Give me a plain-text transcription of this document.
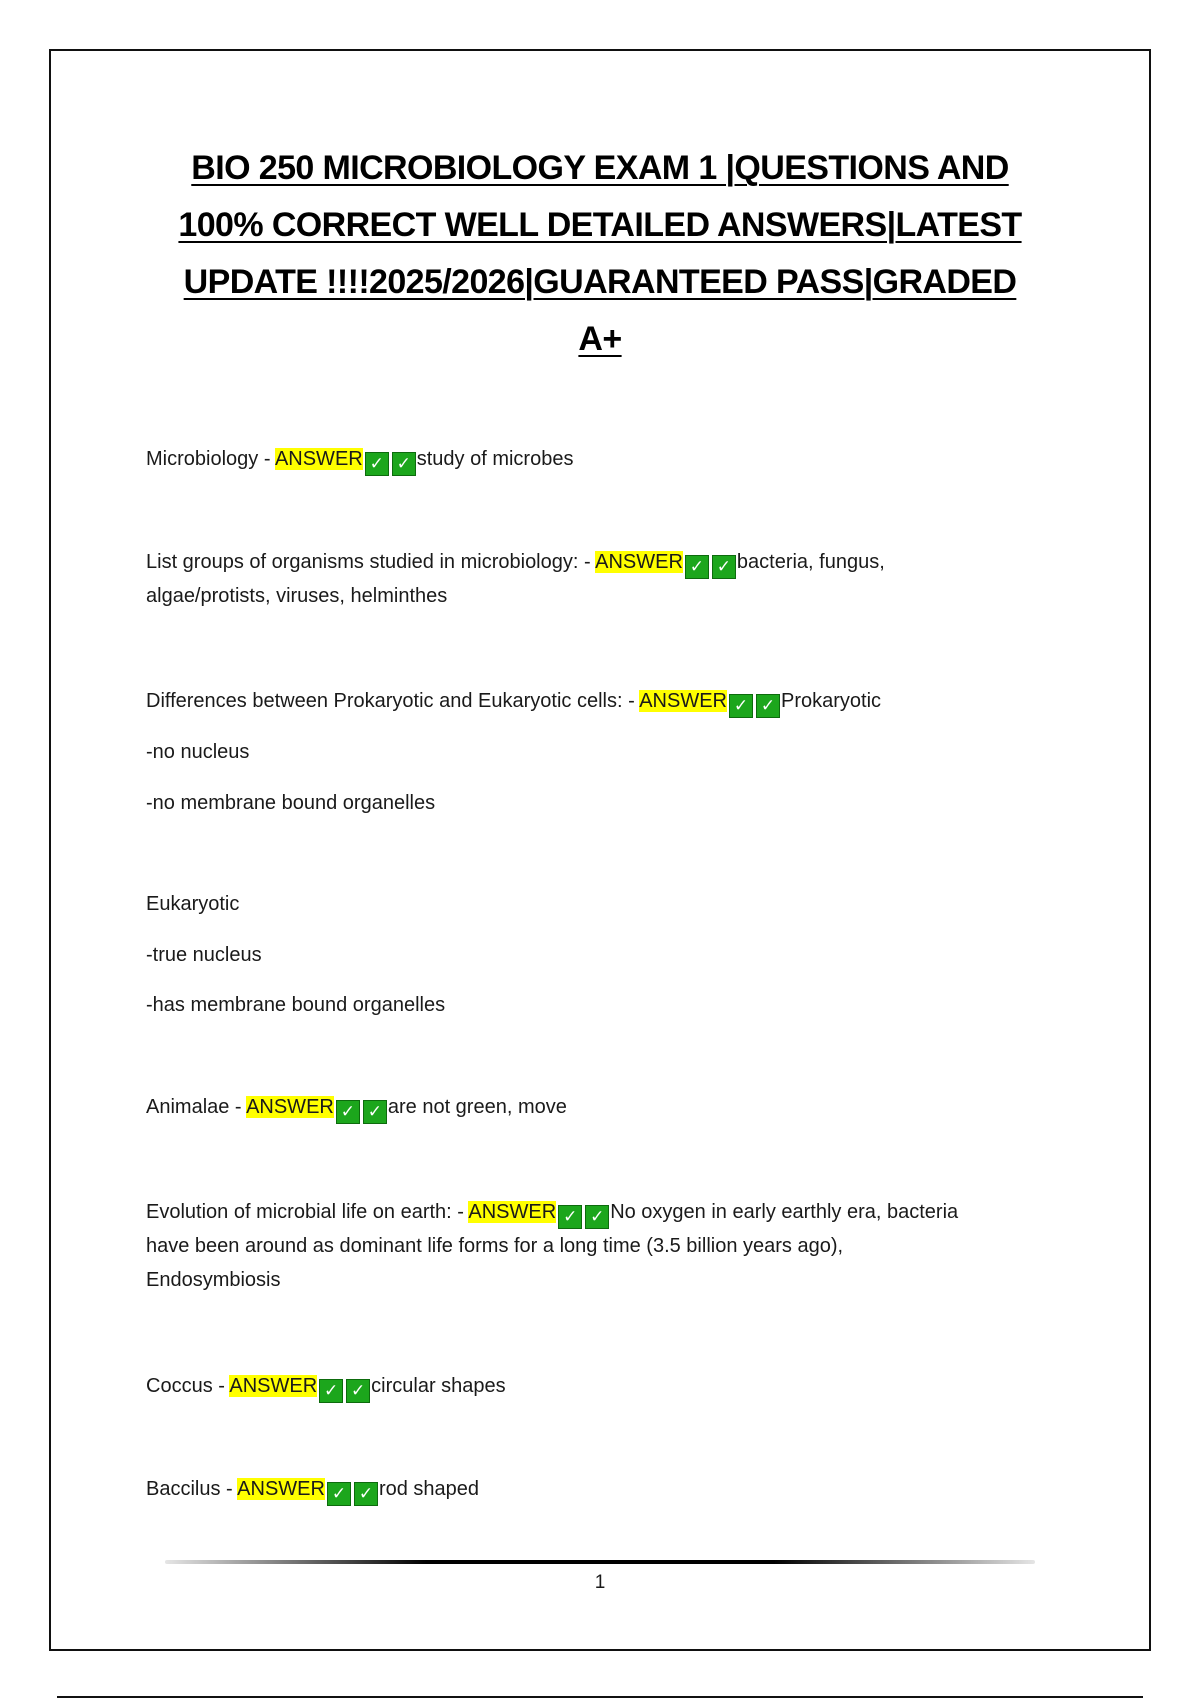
BIO 250 MICROBIOLOGY EXAM 1 |QUESTIONS AND
100% CORRECT WELL DETAILED ANSWERS|LATEST
UPDATE !!!!2025/2026|GUARANTEED PASS|GRADED
A+

Microbiology - ANSWER ✓ ✓ study of microbes

List groups of organisms studied in microbiology: - ANSWER ✓ ✓ bacteria, fungus,

algae/protists, viruses, helminthes

Differences between Prokaryotic and Eukaryotic cells: - ANSWER ✓ ✓ Prokaryotic

-no nucleus
-no membrane bound organelles
Eukaryotic
-true nucleus
-has membrane bound organelles

Animalae - ANSWER ✓ ✓ are not green, move

Evolution of microbial life on earth: - ANSWER ✓ ✓ No oxygen in early earthly era, bacteria

have been around as dominant life forms for a long time (3.5 billion years ago),

Endosymbiosis

Coccus - ANSWER ✓ ✓ circular shapes

Baccilus - ANSWER ✓ ✓ rod shaped

1
